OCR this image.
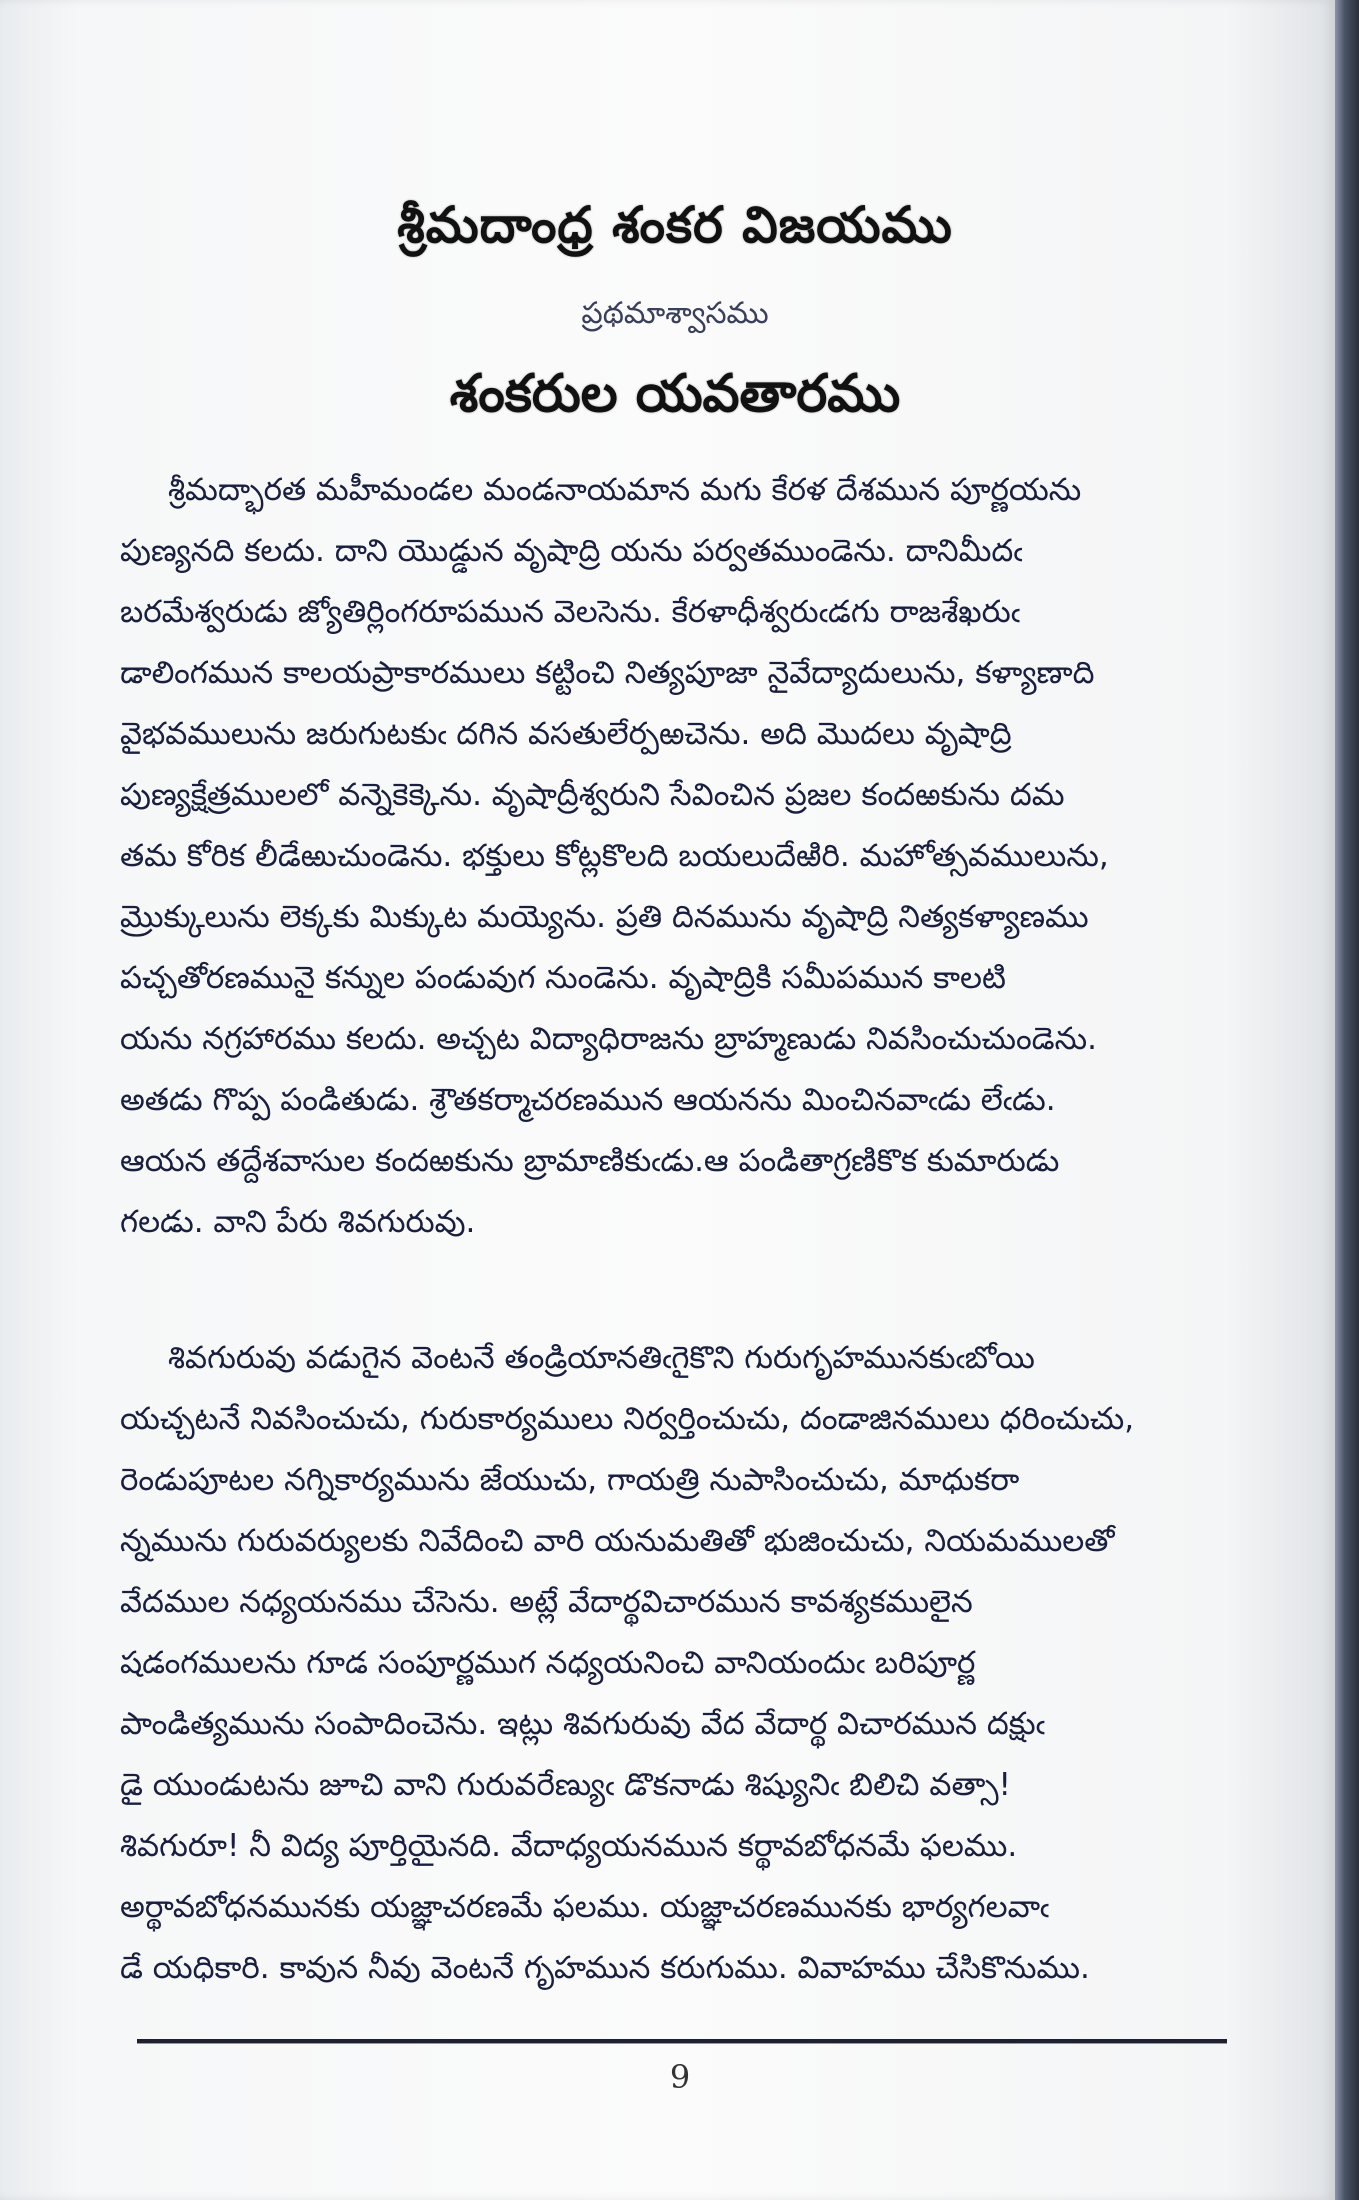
శ్రీమదాంధ్ర శంకర విజయము
ప్రథమాశ్వాసము
శంకరుల యవతారము
శ్రీమద్భారత మహీమండల మండనాయమాన మగు కేరళ దేశమున పూర్ణయను
పుణ్యనది కలదు. దాని యొడ్డున వృషాద్రి యను పర్వతముండెను. దానిమీదఁ
బరమేశ్వరుడు జ్యోతిర్లింగరూపమున వెలసెను. కేరళాధీశ్వరుఁడగు రాజశేఖరుఁ
డాలింగమున కాలయప్రాకారములు కట్టించి నిత్యపూజా నైవేద్యాదులును, కళ్యాణాది
వైభవములును జరుగుటకుఁ దగిన వసతులేర్పఱచెను. అది మొదలు వృషాద్రి
పుణ్యక్షేత్రములలో వన్నెకెక్కెను. వృషాద్రీశ్వరుని సేవించిన ప్రజల కందఱకును దమ
తమ కోరిక లీడేఱుచుండెను. భక్తులు కోట్లకొలది బయలుదేఱిరి. మహోత్సవములును,
మ్రొక్కులును లెక్కకు మిక్కుట మయ్యెను. ప్రతి దినమును వృషాద్రి నిత్యకళ్యాణము
పచ్చతోరణమునై కన్నుల పండువుగ నుండెను. వృషాద్రికి సమీపమున కాలటి
యను నగ్రహారము కలదు. అచ్చట విద్యాధిరాజను బ్రాహ్మణుడు నివసించుచుండెను.
అతడు గొప్ప పండితుడు. శ్రౌతకర్మాచరణమున ఆయనను మించినవాఁడు లేఁడు.
ఆయన తద్దేశవాసుల కందఱకును బ్రామాణికుఁడు.ఆ పండితాగ్రణికొక కుమారుడు
గలడు. వాని పేరు శివగురువు.
శివగురువు వడుగైన వెంటనే తండ్రియానతిఁగైకొని గురుగృహమునకుఁబోయి
యచ్చటనే నివసించుచు, గురుకార్యములు నిర్వర్తించుచు, దండాజినములు ధరించుచు,
రెండుపూటల నగ్నికార్యమును జేయుచు, గాయత్రి నుపాసించుచు, మాధుకరా
న్నమును గురువర్యులకు నివేదించి వారి యనుమతితో భుజించుచు, నియమములతో
వేదముల నధ్యయనము చేసెను. అట్లే వేదార్థవిచారమున కావశ్యకములైన
షడంగములను గూడ సంపూర్ణముగ నధ్యయనించి వానియందుఁ బరిపూర్ణ
పాండిత్యమును సంపాదించెను. ఇట్లు శివగురువు వేద వేదార్థ విచారమున దక్షుఁ
డై యుండుటను జూచి వాని గురువరేణ్యుఁ డొకనాడు శిష్యునిఁ బిలిచి వత్సా!
శివగురూ! నీ విద్య పూర్తియైనది. వేదాధ్యయనమున కర్థావబోధనమే ఫలము.
అర్థావబోధనమునకు యజ్ఞాచరణమే ఫలము. యజ్ఞాచరణమునకు భార్యగలవాఁ
డే యధికారి. కావున నీవు వెంటనే గృహమున కరుగుము. వివాహము చేసికొనుము.
9
